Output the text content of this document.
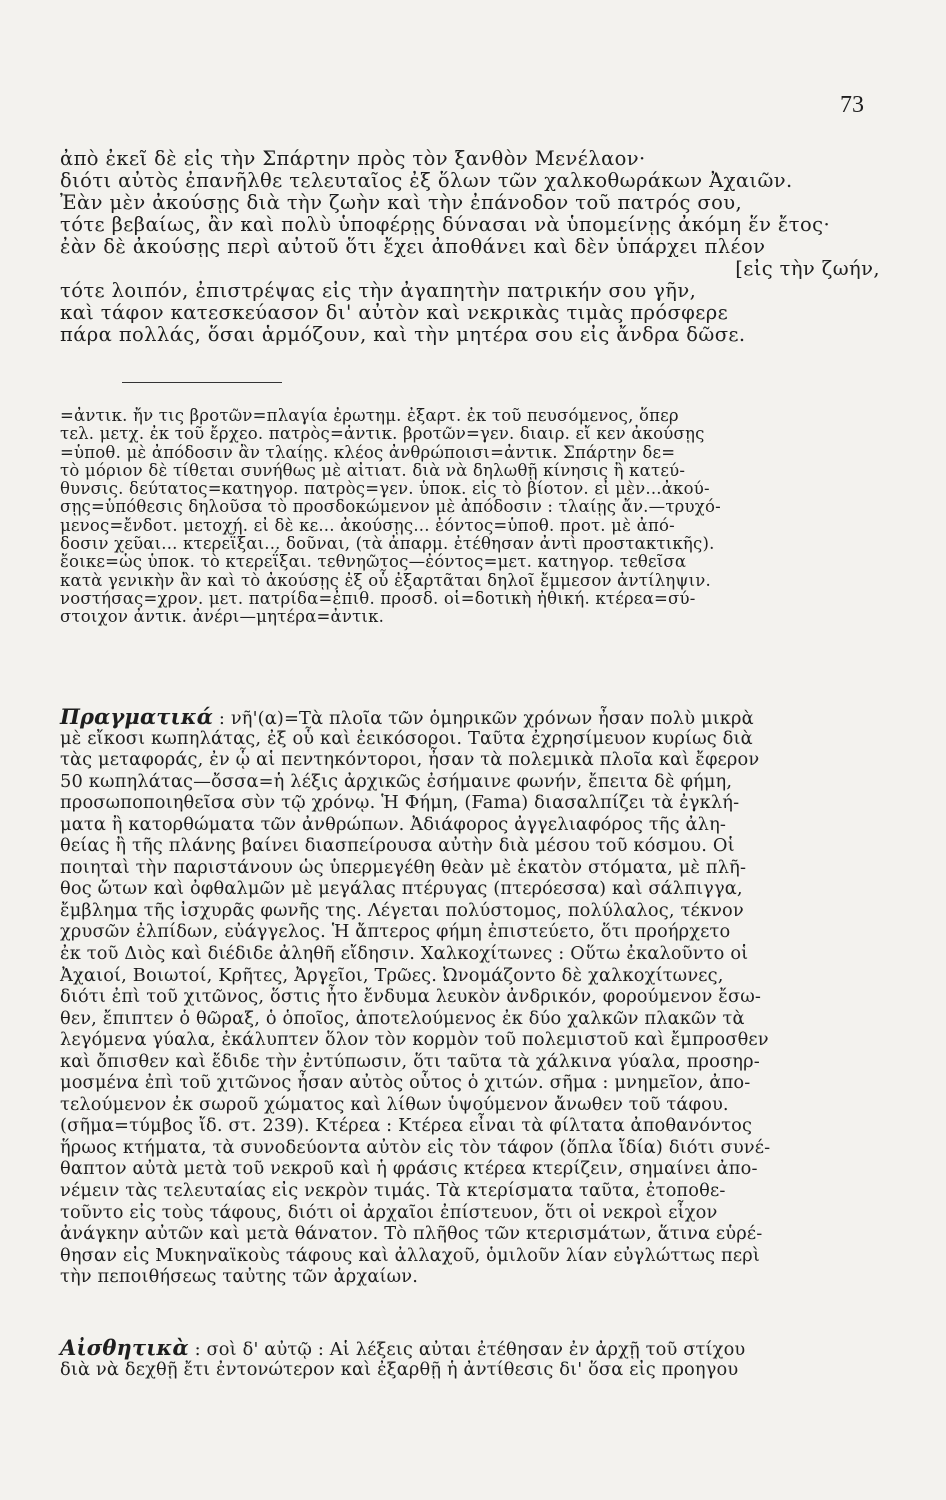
73
ἀπὸ ἐκεῖ δὲ εἰς τὴν Σπάρτην πρὸς τὸν ξανθὸν Μενέλαον·
διότι αὐτὸς ἐπανῆλθε τελευταῖος ἐξ ὅλων τῶν χαλκοθωράκων Ἀχαιῶν.
Ἐὰν μὲν ἀκούσῃς διὰ τὴν ζωὴν καὶ τὴν ἐπάνοδον τοῦ πατρός σου,
τότε βεβαίως, ἂν καὶ πολὺ ὑποφέρῃς δύνασαι νὰ ὑπομείνῃς ἀκόμη ἕν ἔτος·
ἐὰν δὲ ἀκούσῃς περὶ αὐτοῦ ὅτι ἔχει ἀποθάνει καὶ δὲν ὑπάρχει πλέον
[εἰς τὴν ζωήν,
τότε λοιπόν, ἐπιστρέψας εἰς τὴν ἀγαπητὴν πατρικήν σου γῆν,
καὶ τάφον κατεσκεύασον δι' αὐτὸν καὶ νεκρικὰς τιμὰς πρόσφερε
πάρα πολλάς, ὅσαι ἁρμόζουν, καὶ τὴν μητέρα σου εἰς ἄνδρα δῶσε.
=ἀντικ. ἤν τις βροτῶν=πλαγία ἐρωτημ. ἐξαρτ. ἐκ τοῦ πευσόμενος, ὅπερ
τελ. μετχ. ἐκ τοῦ ἔρχεο. πατρὸς=ἀντικ. βροτῶν=γεν. διαιρ. εἴ κεν ἀκούσῃς
=ὑποθ. μὲ ἀπόδοσιν ἂν τλαίῃς. κλέος ἀνθρώποισι=ἀντικ. Σπάρτην δε=
τὸ μόριον δὲ τίθεται συνήθως μὲ αἰτιατ. διὰ νὰ δηλωθῇ κίνησις ἢ κατεύ-
θυνσις. δεύτατος=κατηγορ. πατρὸς=γεν. ὑποκ. εἰς τὸ βίοτον. εἰ μὲν...ἀκού-
σῃς=ὑπόθεσις δηλοῦσα τὸ προσδοκώμενον μὲ ἀπόδοσιν : τλαίῃς ἄν.—τρυχό-
μενος=ἔνδοτ. μετοχή. εἰ δὲ κε... ἀκούσῃς... ἐόντος=ὑποθ. προτ. μὲ ἀπό-
δοσιν χεῦαι... κτερεΐξαι... δοῦναι, (τὰ ἀπαρμ. ἐτέθησαν ἀντὶ προστακτικῆς).
ἔοικε=ὡς ὑποκ. τὸ κτερεΐξαι. τεθνηῶτος—ἐόντος=μετ. κατηγορ. τεθεῖσα
κατὰ γενικὴν ἂν καὶ τὸ ἀκούσῃς ἐξ οὗ ἐξαρτᾶται δηλοῖ ἔμμεσον ἀντίληψιν.
νοστήσας=χρον. μετ. πατρίδα=ἐπιθ. προσδ. οἱ=δοτικὴ ἠθική. κτέρεα=σύ-
στοιχον ἀντικ. ἀνέρι—μητέρα=ἀντικ.
Πραγματικά : νῆ'(α)=Τὰ πλοῖα τῶν ὁμηρικῶν χρόνων ἦσαν πολὺ μικρὰ
μὲ εἴκοσι κωπηλάτας, ἐξ οὗ καὶ ἐεικόσοροι. Ταῦτα ἐχρησίμευον κυρίως διὰ
τὰς μεταφοράς, ἐν ᾧ αἱ πεντηκόντοροι, ἦσαν τὰ πολεμικὰ πλοῖα καὶ ἔφερον
50 κωπηλάτας—ὄσσα=ἡ λέξις ἀρχικῶς ἐσήμαινε φωνήν, ἔπειτα δὲ φήμη,
προσωποποιηθεῖσα σὺν τῷ χρόνῳ. Ἡ Φήμη, (Fama) διασαλπίζει τὰ ἐγκλή-
ματα ἢ κατορθώματα τῶν ἀνθρώπων. Ἀδιάφορος ἀγγελιαφόρος τῆς ἀλη-
θείας ἢ τῆς πλάνης βαίνει διασπείρουσα αὐτὴν διὰ μέσου τοῦ κόσμου. Οἱ
ποιηταὶ τὴν παριστάνουν ὡς ὑπερμεγέθη θεὰν μὲ ἑκατὸν στόματα, μὲ πλῆ-
θος ὤτων καὶ ὀφθαλμῶν μὲ μεγάλας πτέρυγας (πτερόεσσα) καὶ σάλπιγγα,
ἔμβλημα τῆς ἰσχυρᾶς φωνῆς της. Λέγεται πολύστομος, πολύλαλος, τέκνον
χρυσῶν ἐλπίδων, εὐάγγελος. Ἡ ἄπτερος φήμη ἐπιστεύετο, ὅτι προήρχετο
ἐκ τοῦ Διὸς καὶ διέδιδε ἀληθῆ εἴδησιν. Χαλκοχίτωνες : Οὕτω ἐκαλοῦντο οἱ
Ἀχαιοί, Βοιωτοί, Κρῆτες, Ἀργεῖοι, Τρῶες. Ὠνομάζοντο δὲ χαλκοχίτωνες,
διότι ἐπὶ τοῦ χιτῶνος, ὅστις ἦτο ἔνδυμα λευκὸν ἀνδρικόν, φορούμενον ἔσω-
θεν, ἔπιπτεν ὁ θῶραξ, ὁ ὁποῖος, ἀποτελούμενος ἐκ δύο χαλκῶν πλακῶν τὰ
λεγόμενα γύαλα, ἐκάλυπτεν ὅλον τὸν κορμὸν τοῦ πολεμιστοῦ καὶ ἔμπροσθεν
καὶ ὄπισθεν καὶ ἔδιδε τὴν ἐντύπωσιν, ὅτι ταῦτα τὰ χάλκινα γύαλα, προσηρ-
μοσμένα ἐπὶ τοῦ χιτῶνος ἦσαν αὐτὸς οὗτος ὁ χιτών. σῆμα : μνημεῖον, ἀπο-
τελούμενον ἐκ σωροῦ χώματος καὶ λίθων ὑψούμενον ἄνωθεν τοῦ τάφου.
(σῆμα=τύμβος ἴδ. στ. 239). Κτέρεα : Κτέρεα εἶναι τὰ φίλτατα ἀποθανόντος
ἥρωος κτήματα, τὰ συνοδεύοντα αὐτὸν εἰς τὸν τάφον (ὅπλα ἴδία) διότι συνέ-
θαπτον αὐτὰ μετὰ τοῦ νεκροῦ καὶ ἡ φράσις κτέρεα κτερίζειν, σημαίνει ἀπο-
νέμειν τὰς τελευταίας εἰς νεκρὸν τιμάς. Τὰ κτερίσματα ταῦτα, ἐτοποθε-
τοῦντο εἰς τοὺς τάφους, διότι οἱ ἀρχαῖοι ἐπίστευον, ὅτι οἱ νεκροὶ εἶχον
ἀνάγκην αὐτῶν καὶ μετὰ θάνατον. Τὸ πλῆθος τῶν κτερισμάτων, ἅτινα εὑρέ-
θησαν εἰς Μυκηναϊκοὺς τάφους καὶ ἀλλαχοῦ, ὁμιλοῦν λίαν εὐγλώττως περὶ
τὴν πεποιθήσεως ταὐτης τῶν ἀρχαίων.
Αἰσθητικὰ : σοὶ δ' αὐτῷ : Αἱ λέξεις αὐται ἐτέθησαν ἐν ἀρχῇ τοῦ στίχου
διὰ νὰ δεχθῇ ἔτι ἐντονώτερον καὶ ἐξαρθῇ ἡ ἀντίθεσις δι' ὅσα εἰς προηγου
